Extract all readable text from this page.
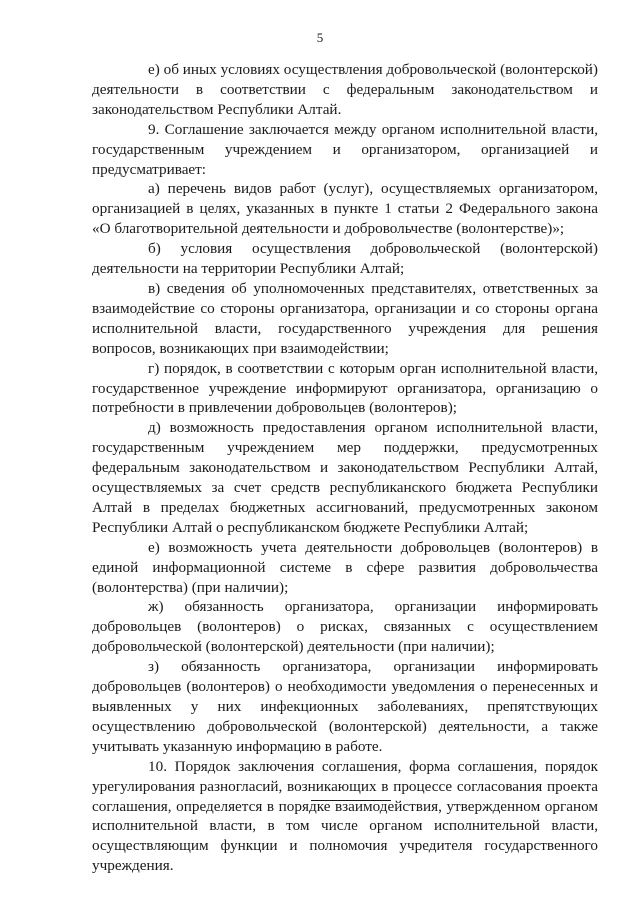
5

е) об иных условиях осуществления добровольческой (волонтерской) деятельности в соответствии с федеральным законодательством и законодательством Республики Алтай.

9. Соглашение заключается между органом исполнительной власти, государственным учреждением и организатором, организацией и предусматривает:

а) перечень видов работ (услуг), осуществляемых организатором, организацией в целях, указанных в пункте 1 статьи 2 Федерального закона «О благотворительной деятельности и добровольчестве (волонтерстве)»;

б) условия осуществления добровольческой (волонтерской) деятельности на территории Республики Алтай;

в) сведения об уполномоченных представителях, ответственных за взаимодействие со стороны организатора, организации и со стороны органа исполнительной власти, государственного учреждения для решения вопросов, возникающих при взаимодействии;

г) порядок, в соответствии с которым орган исполнительной власти, государственное учреждение информируют организатора, организацию о потребности в привлечении добровольцев (волонтеров);

д) возможность предоставления органом исполнительной власти, государственным учреждением мер поддержки, предусмотренных федеральным законодательством и законодательством Республики Алтай, осуществляемых за счет средств республиканского бюджета Республики Алтай в пределах бюджетных ассигнований, предусмотренных законом Республики Алтай о республиканском бюджете Республики Алтай;

е) возможность учета деятельности добровольцев (волонтеров) в единой информационной системе в сфере развития добровольчества (волонтерства) (при наличии);

ж) обязанность организатора, организации информировать добровольцев (волонтеров) о рисках, связанных с осуществлением добровольческой (волонтерской) деятельности (при наличии);

з) обязанность организатора, организации информировать добровольцев (волонтеров) о необходимости уведомления о перенесенных и выявленных у них инфекционных заболеваниях, препятствующих осуществлению добровольческой (волонтерской) деятельности, а также учитывать указанную информацию в работе.

10. Порядок заключения соглашения, форма соглашения, порядок урегулирования разногласий, возникающих в процессе согласования проекта соглашения, определяется в порядке взаимодействия, утвержденном органом исполнительной власти, в том числе органом исполнительной власти, осуществляющим функции и полномочия учредителя государственного учреждения.
